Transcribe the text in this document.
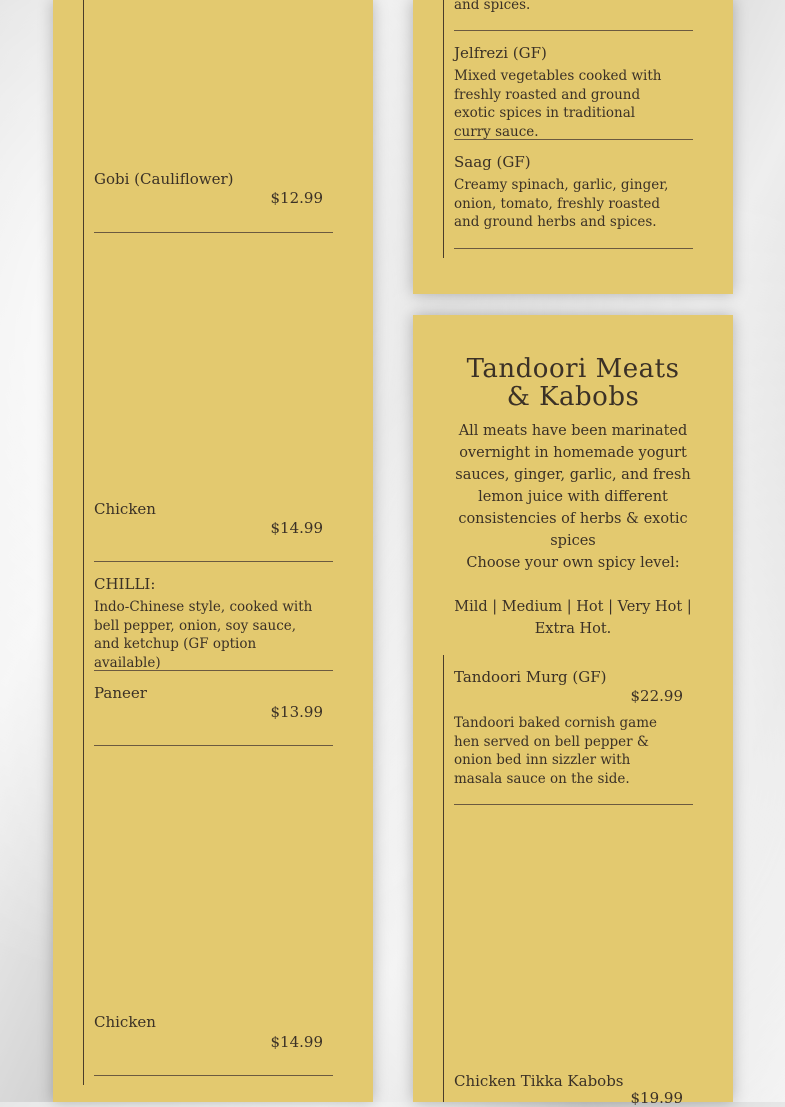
Gobi (Cauliflower)
$12.99
Chicken
$14.99
CHILLI:
Indo-Chinese style, cooked with bell pepper, onion, soy sauce, and ketchup (GF option available)
Paneer
$13.99
Chicken
$14.99
and spices.
Jelfrezi (GF)
Mixed vegetables cooked with freshly roasted and ground exotic spices in traditional curry sauce.
Saag (GF)
Creamy spinach, garlic, ginger, onion, tomato, freshly roasted and ground herbs and spices.
Tandoori Meats & Kabobs
All meats have been marinated overnight in homemade yogurt sauces, ginger, garlic, and fresh lemon juice with different consistencies of herbs & exotic spices
Choose your own spicy level:
Mild | Medium | Hot | Very Hot | Extra Hot.
Tandoori Murg (GF)
$22.99
Tandoori baked cornish game hen served on bell pepper & onion bed inn sizzler with masala sauce on the side.
Chicken Tikka Kabobs
$19.99
